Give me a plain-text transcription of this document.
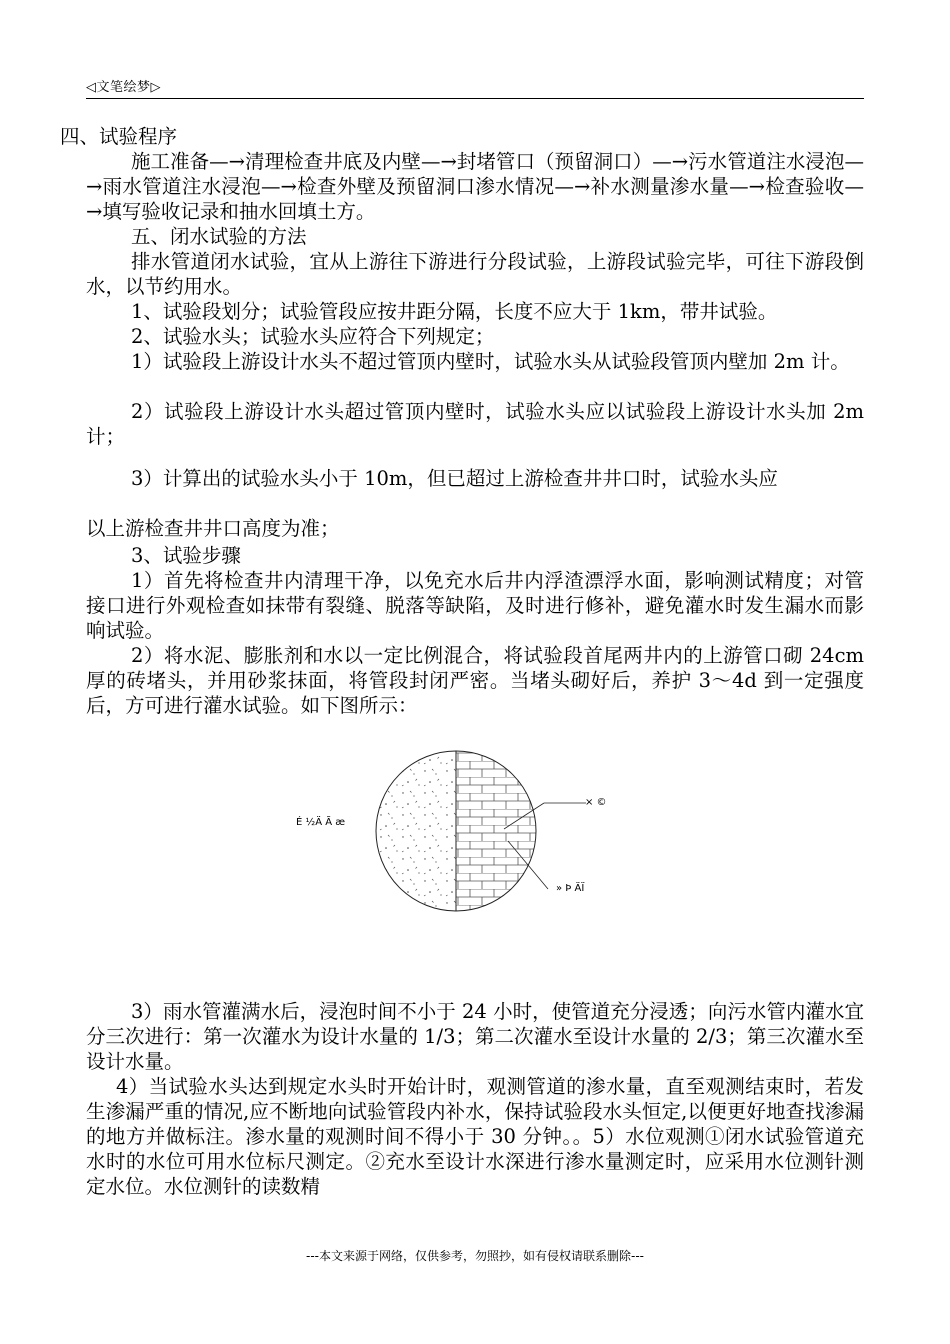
◁文笔绘梦▷

四、试验程序

施工准备—→清理检查井底及内壁—→封堵管口（预留洞口）—→污水管道注水浸泡—→雨水管道注水浸泡—→检查外壁及预留洞口渗水情况—→补水测量渗水量—→检查验收—→填写验收记录和抽水回填土方。

五、闭水试验的方法

排水管道闭水试验，宜从上游往下游进行分段试验，上游段试验完毕，可往下游段倒水，以节约用水。

1、试验段划分；试验管段应按井距分隔，长度不应大于 1km，带井试验。

2、试验水头；试验水头应符合下列规定；

1）试验段上游设计水头不超过管顶内壁时，试验水头从试验段管顶内壁加 2m 计。

2）试验段上游设计水头超过管顶内壁时，试验水头应以试验段上游设计水头加 2m 计；

3）计算出的试验水头小于 10m，但已超过上游检查井井口时，试验水头应

以上游检查井井口高度为准；

3、试验步骤

1）首先将检查井内清理干净，以免充水后井内浮渣漂浮水面，影响测试精度；对管接口进行外观检查如抹带有裂缝、脱落等缺陷，及时进行修补，避免灌水时发生漏水而影响试验。

2）将水泥、膨胀剂和水以一定比例混合，将试验段首尾两井内的上游管口砌 24cm 厚的砖堵头，并用砂浆抹面，将管段封闭严密。当堵头砌好后，养护 3～4d 到一定强度后，方可进行灌水试验。如下图所示：

É ½Ä Ã æ
× ©
» Þ ÄÏ

3）雨水管灌满水后，浸泡时间不小于 24 小时，使管道充分浸透；向污水管内灌水宜分三次进行：第一次灌水为设计水量的 1/3；第二次灌水至设计水量的 2/3；第三次灌水至设计水量。

4）当试验水头达到规定水头时开始计时，观测管道的渗水量，直至观测结束时，若发生渗漏严重的情况,应不断地向试验管段内补水，保持试验段水头恒定,以便更好地查找渗漏的地方并做标注。渗水量的观测时间不得小于 30 分钟。。5）水位观测①闭水试验管道充水时的水位可用水位标尺测定。②充水至设计水深进行渗水量测定时，应采用水位测针测定水位。水位测针的读数精

---本文来源于网络，仅供参考，勿照抄，如有侵权请联系删除---
